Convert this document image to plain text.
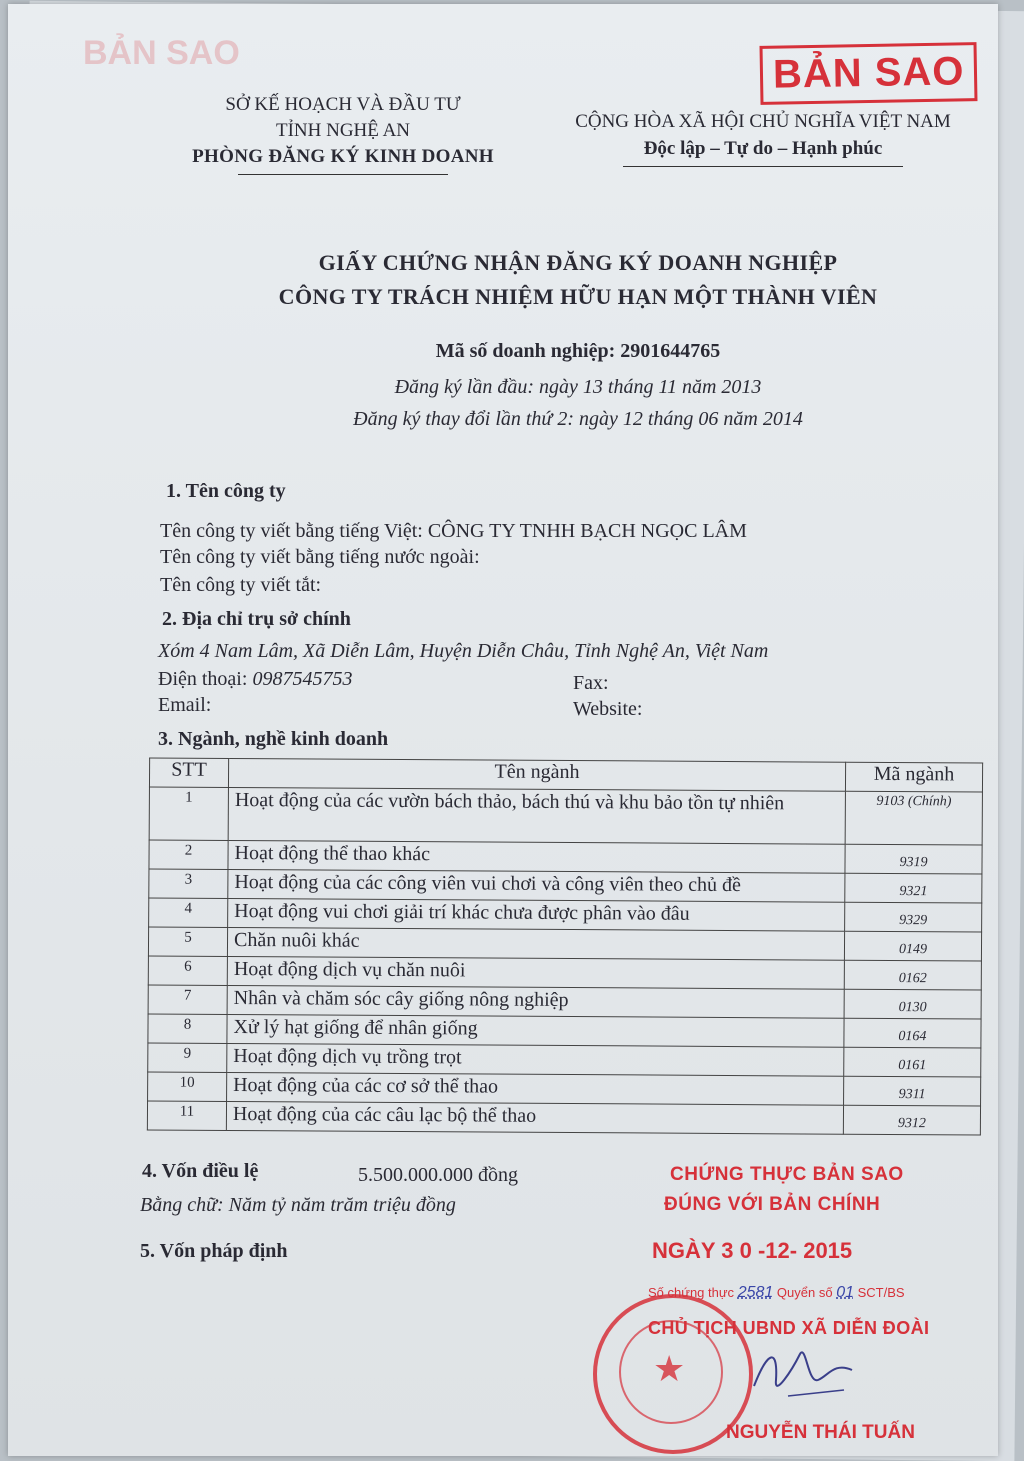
BẢN SAO
SỞ KẾ HOẠCH VÀ ĐẦU TƯ
TỈNH NGHỆ AN
PHÒNG ĐĂNG KÝ KINH DOANH
BẢN SAO
CỘNG HÒA XÃ HỘI CHỦ NGHĨA VIỆT NAM
Độc lập – Tự do – Hạnh phúc
GIẤY CHỨNG NHẬN ĐĂNG KÝ DOANH NGHIỆP
CÔNG TY TRÁCH NHIỆM HỮU HẠN MỘT THÀNH VIÊN
Mã số doanh nghiệp: 2901644765
Đăng ký lần đầu: ngày 13 tháng 11 năm 2013
Đăng ký thay đổi lần thứ 2: ngày 12 tháng 06 năm 2014
1. Tên công ty
Tên công ty viết bằng tiếng Việt: CÔNG TY TNHH BẠCH NGỌC LÂM
Tên công ty viết bằng tiếng nước ngoài:
Tên công ty viết tắt:
2. Địa chỉ trụ sở chính
Xóm 4 Nam Lâm, Xã Diễn Lâm, Huyện Diễn Châu, Tỉnh Nghệ An, Việt Nam
Điện thoại: 0987545753	Fax:
Email:	Website:
3. Ngành, nghề kinh doanh
STT	Tên ngành	Mã ngành
1	Hoạt động của các vườn bách thảo, bách thú và khu bảo tồn tự nhiên	9103 (Chính)
2	Hoạt động thể thao khác	9319
3	Hoạt động của các công viên vui chơi và công viên theo chủ đề	9321
4	Hoạt động vui chơi giải trí khác chưa được phân vào đâu	9329
5	Chăn nuôi khác	0149
6	Hoạt động dịch vụ chăn nuôi	0162
7	Nhân và chăm sóc cây giống nông nghiệp	0130
8	Xử lý hạt giống để nhân giống	0164
9	Hoạt động dịch vụ trồng trọt	0161
10	Hoạt động của các cơ sở thể thao	9311
11	Hoạt động của các câu lạc bộ thể thao	9312
4. Vốn điều lệ	5.500.000.000 đồng
Bằng chữ: Năm tỷ năm trăm triệu đồng
5. Vốn pháp định
CHỨNG THỰC BẢN SAO
ĐÚNG VỚI BẢN CHÍNH
NGÀY 3 0 -12- 2015
Số chứng thực 2581 Quyển số 01 SCT/BS
★
CHỦ TỊCH UBND XÃ DIỄN ĐOÀI
NGUYỄN THÁI TUẤN
